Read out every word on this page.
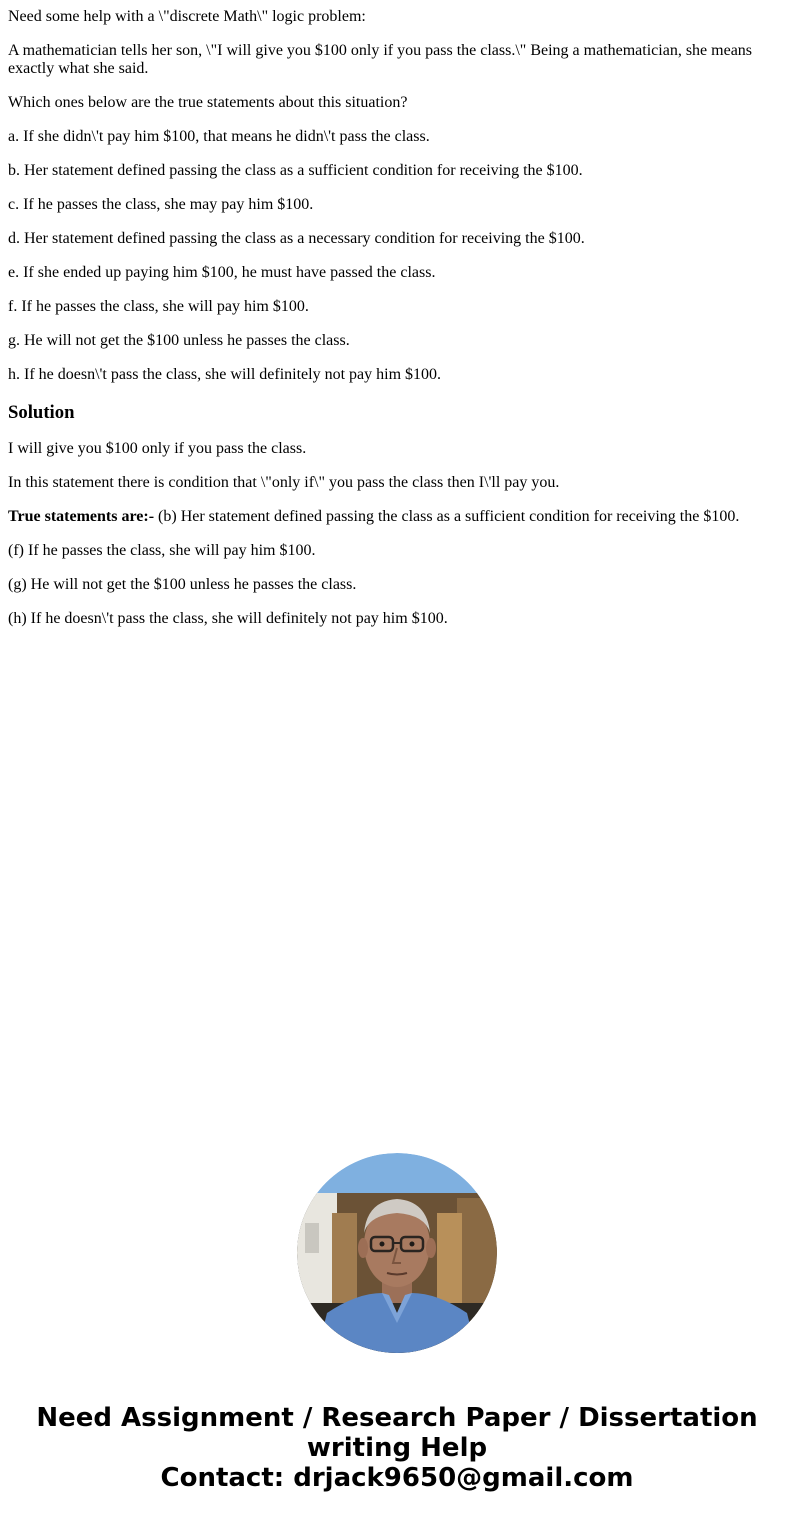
Need some help with a \"discrete Math\" logic problem:

A mathematician tells her son, \"I will give you $100 only if you pass the class.\" Being a mathematician, she means exactly what she said.

Which ones below are the true statements about this situation?

a. If she didn\'t pay him $100, that means he didn\'t pass the class.

b. Her statement defined passing the class as a sufficient condition for receiving the $100.

c. If he passes the class, she may pay him $100.

d. Her statement defined passing the class as a necessary condition for receiving the $100.

e. If she ended up paying him $100, he must have passed the class.

f. If he passes the class, she will pay him $100.

g. He will not get the $100 unless he passes the class.

h. If he doesn\'t pass the class, she will definitely not pay him $100.

Solution

I will give you $100 only if you pass the class.

In this statement there is condition that \"only if\" you pass the class then I\'ll pay you.

True statements are:- (b) Her statement defined passing the class as a sufficient condition for receiving the $100.

(f) If he passes the class, she will pay him $100.

(g) He will not get the $100 unless he passes the class.

(h) If he doesn\'t pass the class, she will definitely not pay him $100.

Need Assignment / Research Paper / Dissertation
writing Help
Contact: drjack9650@gmail.com
